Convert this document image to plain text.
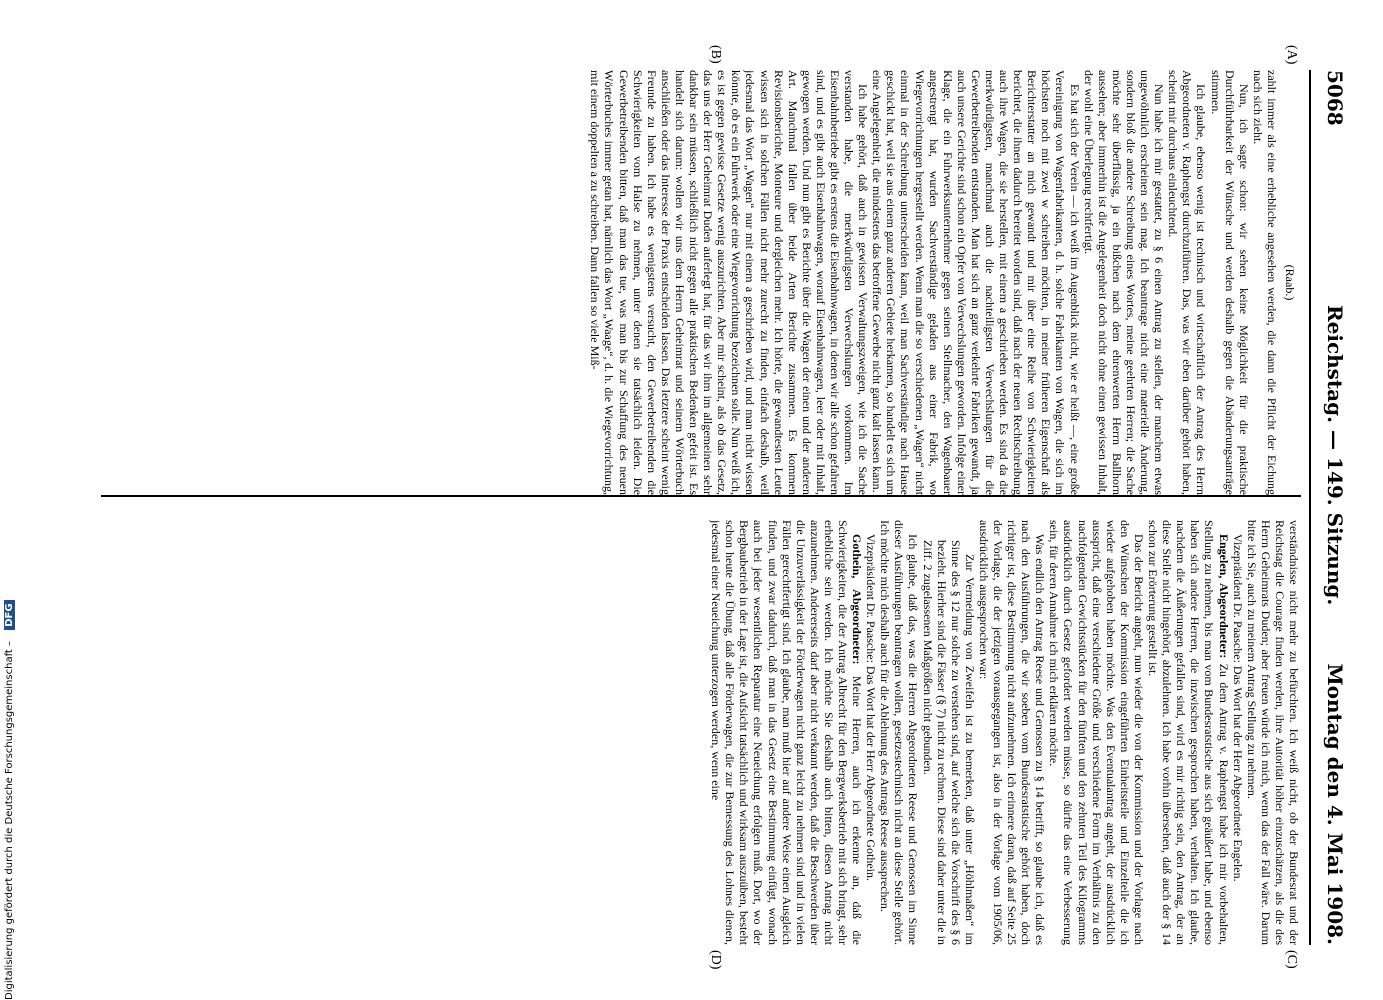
5068
Reichstag. — 149. Sitzung.
Montag den 4. Mai 1908.

(Raab.)

zahlt immer als eine erhebliche angesehen werden, die dann die Pflicht der Eichung nach sich zieht.

Nun, ich sagte schon: wir sehen keine Möglichkeit für die praktische Durchführbarkeit der Wünsche und werden deshalb gegen die Abänderungsanträge stimmen.

Ich glaube, ebenso wenig ist technisch und wirtschaftlich der Antrag des Herrn Abgeordneten v. Raphengst durchzuführen. Das, was wir eben darüber gehört haben, scheint mir durchaus einleuchtend.

Nun habe ich mir gestattet, zu § 6 einen Antrag zu stellen, der manchem etwas ungewöhnlich erscheinen sein mag. Ich beantrage nicht eine materielle Änderung, sondern bloß die andere Schreibung eines Wortes, meine geehrten Herren; die Sache möchte sehr überflüssig, ja ein bißchen nach dem ehrenwerten Herrn Ballhorn aussehen; aber immerhin ist die Angelegenheit doch nicht ohne einen gewissen Inhalt, der wohl eine Überlegung rechtfertigt.

Es hat sich der Verein — ich weiß im Augenblick nicht, wie er heißt —, eine große Vereinigung von Wagenfabrikanten, d. h. solche Fabrikanten von Wagen, die sich im höchsten noch mit zwei w schreiben möchten, in meiner früheren Eigenschaft als Berichterstatter an mich gewandt und mir über eine Reihe von Schwierigkeiten berichtet, die ihnen dadurch bereitet worden sind, daß nach der neuen Rechtschreibung auch ihre Wagen, die sie herstellen, mit einem a geschrieben werden. Es sind da die merkwürdigsten, manchmal auch die nachteiligsten Verwechslungen für die Gewerbetreibenden entstanden. Man hat sich an ganz verkehrte Fabriken gewandt, ja auch unsere Gerichte sind schon ein Opfer von Verwechslungen geworden. Infolge einer Klage, die ein Fuhrwerksunternehmer gegen seinen Stellmacher, den Wagenbauer angestrengt hat, wurden Sachverständige geladen aus einer Fabrik, wo Wiegevorrichtungen hergestellt werden. Wenn man die so verschiedenen „Wagen“ nicht einmal in der Schreibung unterscheiden kann, weil man Sachverständige nach Hause geschickt hat, weil sie aus einem ganz anderen Gebiete herkamen, so handelt es sich um eine Angelegenheit, die mindestens das betroffene Gewerbe nicht ganz kalt lassen kann.

Ich habe gehört, daß auch in gewissen Verwaltungszweigen, wie ich die Sache verstanden habe, die merkwürdigsten Verwechslungen vorkommen. Im Eisenbahnbetriebe gibt es erstens die Eisenbahnwagen, in denen wir alle schon gefahren sind, und es gibt auch Eisenbahnwagen, worauf Eisenbahnwagen, leer oder mit Inhalt, gewogen werden. Und nun gibt es Berichte über die Wagen der einen und der anderen Art. Manchmal fallen über beide Arten Berichte zusammen. Es kommen Revisionsberichte, Monteure und dergleichen mehr. Ich hörte, die gewandtesten Leute wissen sich in solchen Fällen nicht mehr zurecht zu finden, einfach deshalb, weil jedesmal das Wort „Wagen“ nur mit einem a geschrieben wird, und man nicht wissen könnte, ob es ein Fuhrwerk oder eine Wiegevorrichtung bezeichnen solle. Nun weiß ich, es ist gegen gewisse Gesetze wenig auszurichten. Aber mir scheint, als ob das Gesetz, das uns der Herr Geheimrat Duden auferlegt hat, für das wir ihm im allgemeinen sehr dankbar sein müssen, schließlich nicht gegen alle praktischen Bedenken gefeit ist. Es handelt sich darum: wollen wir uns dem Herrn Geheimrat und seinem Wörterbuch anschließen oder das Interesse der Praxis entscheiden lassen. Das letztere scheint wenig Freunde zu haben. Ich habe es wenigstens versucht, den Gewerbetreibenden die Schwierigkeiten vom Halse zu nehmen, unter denen sie tatsächlich leiden. Die Gewerbetreibenden bitten, daß man das tue, was man bis zur Schaffung des neuen Wörterbuches immer getan hat, nämlich das Wort „Waage“, d. h. die Wiegevorrichtung, mit einem doppelten a zu schreiben. Dann fallen so viele Miß-

verständnisse nicht mehr zu befürchten. Ich weiß nicht, ob der Bundesrat und der Reichstag die Courage finden werden, ihre Autorität höher einzuschätzen, als die des Herrn Geheimrats Duden; aber freuen würde ich mich, wenn das der Fall wäre. Darum bitte ich Sie, auch zu meinem Antrag Stellung zu nehmen.

Vizepräsident Dr. Paasche: Das Wort hat der Herr Abgeordnete Engelen.

Engelen, Abgeordneter: Zu dem Antrag v. Raphengst habe ich mir vorbehalten, Stellung zu nehmen, bis man vom Bundesratstische aus sich geäußert habe, und ebenso haben sich andere Herren, die inzwischen gesprochen haben, verhalten. Ich glaube, nachdem die Äußerungen gefallen sind, wird es mir richtig sein, den Antrag, der an diese Stelle nicht hingehört, abzulehnen. Ich habe vorhin übersehen, daß auch der § 14 schon zur Erörterung gestellt ist.

Das der Bericht angeht, nun wieder die von der Kommission und der Vorlage nach den Wünschen der Kommission eingeführten Einheitsteile und Einzelteile die ich wieder aufgehoben haben möchte. Was den Eventualantrag angeht, der ausdrücklich ausspricht, daß eine verschiedene Größe und verschiedene Form im Verhältnis zu den nachfolgenden Gewichtsstücken für den fünften und den zehnten Teil des Kilogramms ausdrücklich durch Gesetz gefordert werden müsse, so dürfte das eine Verbesserung sein, für deren Annahme ich mich erklären möchte.

Was endlich den Antrag Reese und Genossen zu § 14 betrifft, so glaube ich, daß es nach den Ausführungen, die wir soeben vom Bundesratstische gehört haben, doch richtiger ist, diese Bestimmung nicht aufzunehmen. Ich erinnere daran, daß auf Seite 25 der Vorlage, die der jetzigen vorausgegangen ist, also in der Vorlage vom 1905/06, ausdrücklich ausgesprochen war:

Zur Vermeidung von Zweifeln ist zu bemerken, daß unter „Höhlmaßen“ im Sinne des § 12 nur solche zu verstehen sind, auf welche sich die Vorschrift des § 6 bezieht. Hierher sind die Fässer (§ 7) nicht zu rechnen. Diese sind daher unter die in Ziff. 2 zugelassenen Maßgrößen nicht gebunden.

Ich glaube, daß das, was die Herren Abgeordneten Reese und Genossen im Sinne dieser Ausführungen beantragen wollen, gesetzestechnisch nicht an diese Stelle gehört. Ich möchte mich deshalb auch für die Ablehnung des Antrags Reese aussprechen.

Vizepräsident Dr. Paasche: Das Wort hat der Herr Abgeordnete Gothein.

Gothein, Abgeordneter: Meine Herren, auch ich erkenne an, daß die Schwierigkeiten, die der Antrag Albrecht für den Bergwerksbetrieb mit sich bringt, sehr erhebliche sein werden. Ich möchte Sie deshalb auch bitten, diesen Antrag nicht anzunehmen. Andererseits darf aber nicht verkannt werden, daß die Beschwerden über die Unzuverlässigkeit der Förderwagen nicht ganz leicht zu nehmen sind und in vielen Fällen gerechtfertigt sind. Ich glaube, man muß hier auf andere Weise einen Ausgleich finden, und zwar dadurch, daß man in das Gesetz eine Bestimmung einfügt, wonach auch bei jeder wesentlichen Reparatur eine Neueichung erfolgen muß. Dort, wo der Bergbaubetrieb in der Lage ist, die Aufsicht tatsächlich und wirksam auszuüben, besteht schon heute die Übung, daß alle Förderwagen, die zur Bemessung des Lohnes dienen, jedesmal einer Neueichung unterzogen werden, wenn eine

(A)
(B)
(C)
(D)
Digitalisierung gefördert durch die Deutsche Forschungsgemeinschaft – DFG
